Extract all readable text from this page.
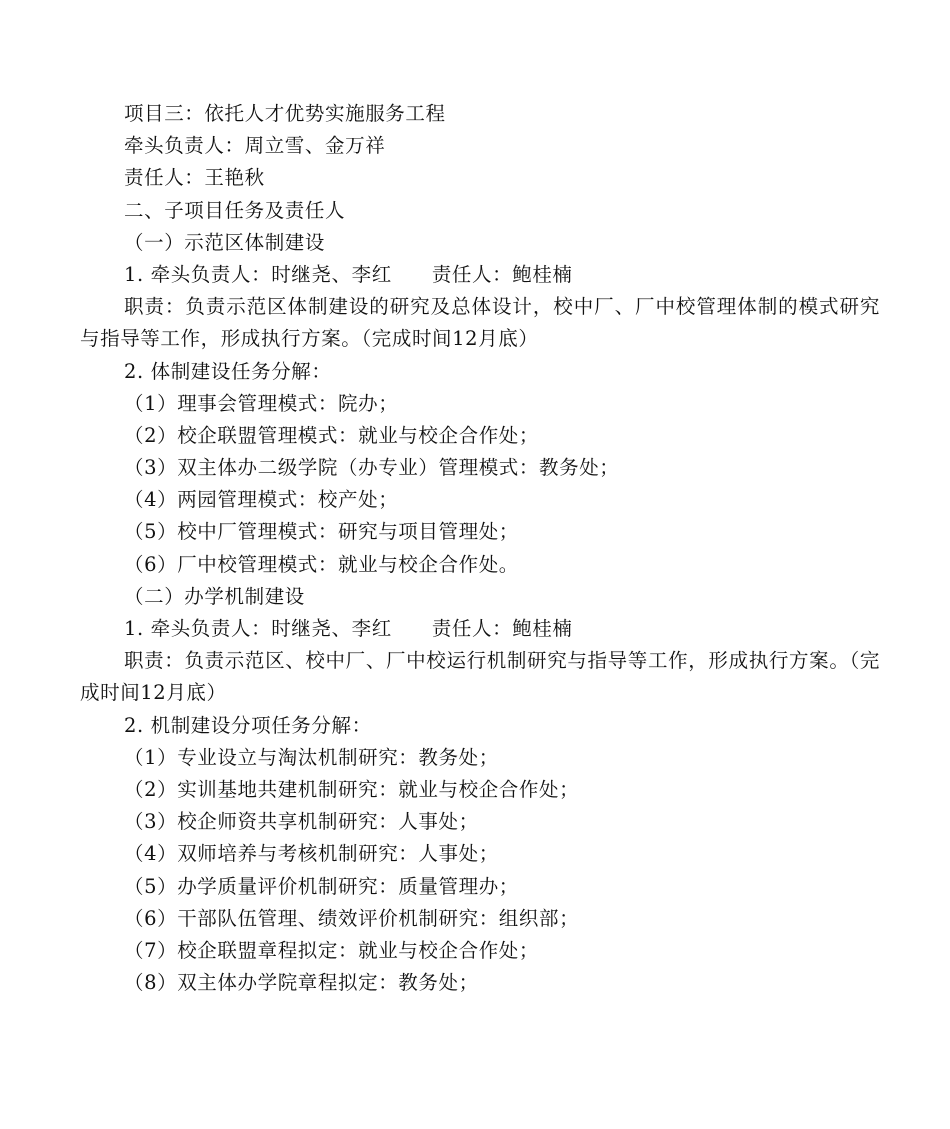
项目三：依托人才优势实施服务工程
牵头负责人：周立雪、金万祥
责任人：王艳秋
二、子项目任务及责任人
（一）示范区体制建设
1. 牵头负责人：时继尧、李红 责任人：鲍桂楠
职责：负责示范区体制建设的研究及总体设计，校中厂、厂中校管理体制的模式研究与指导等工作，形成执行方案。（完成时间12月底）
2. 体制建设任务分解：
（1）理事会管理模式：院办；
（2）校企联盟管理模式：就业与校企合作处；
（3）双主体办二级学院（办专业）管理模式：教务处；
（4）两园管理模式：校产处；
（5）校中厂管理模式：研究与项目管理处；
（6）厂中校管理模式：就业与校企合作处。
（二）办学机制建设
1. 牵头负责人：时继尧、李红 责任人：鲍桂楠
职责：负责示范区、校中厂、厂中校运行机制研究与指导等工作，形成执行方案。（完成时间12月底）
2. 机制建设分项任务分解：
（1）专业设立与淘汰机制研究：教务处；
（2）实训基地共建机制研究：就业与校企合作处；
（3）校企师资共享机制研究：人事处；
（4）双师培养与考核机制研究：人事处；
（5）办学质量评价机制研究：质量管理办；
（6）干部队伍管理、绩效评价机制研究：组织部；
（7）校企联盟章程拟定：就业与校企合作处；
（8）双主体办学院章程拟定：教务处；
